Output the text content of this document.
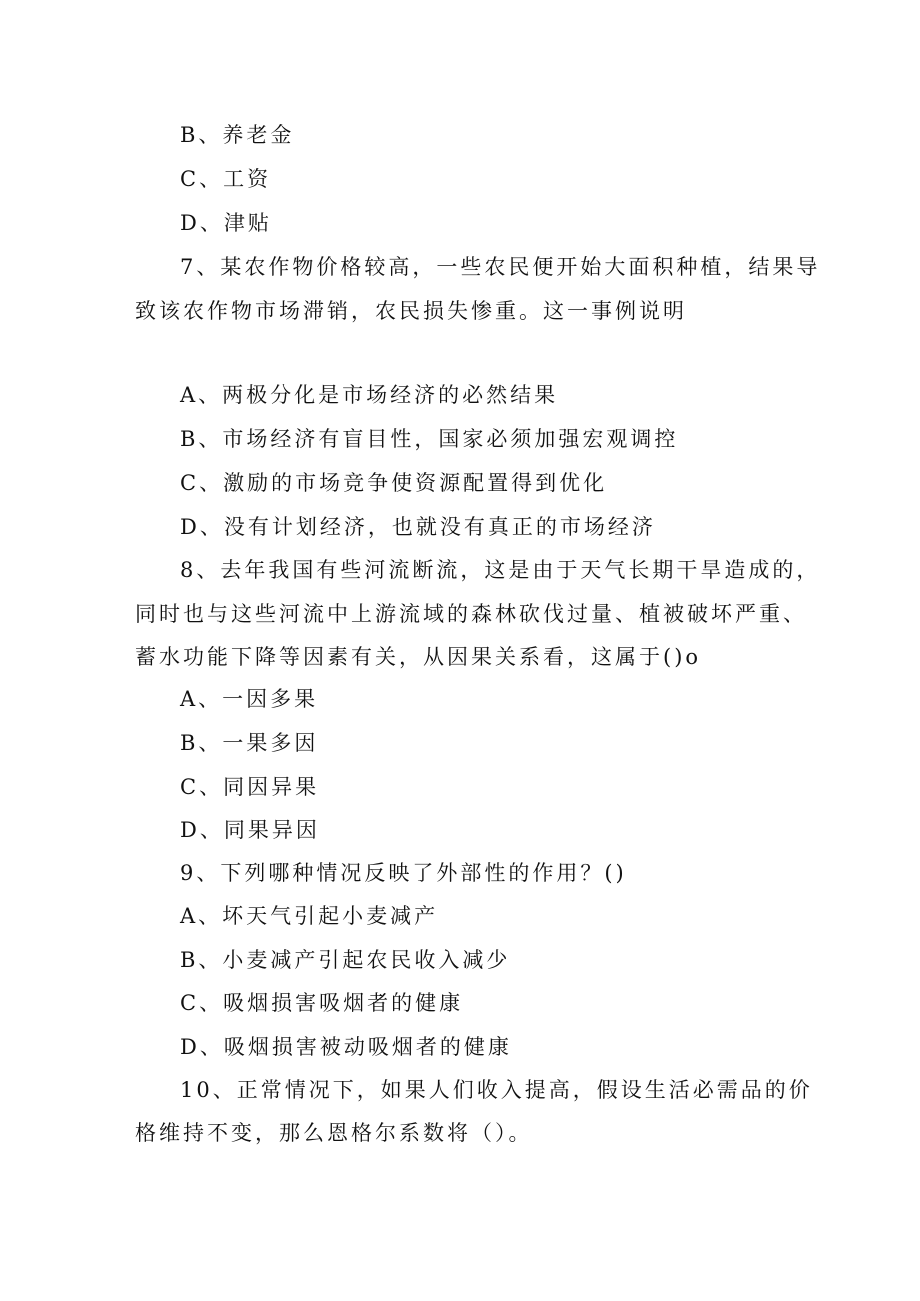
B、养老金
C、工资
D、津贴
7、某农作物价格较高，一些农民便开始大面积种植，结果导
致该农作物市场滞销，农民损失惨重。这一事例说明
A、两极分化是市场经济的必然结果
B、市场经济有盲目性，国家必须加强宏观调控
C、激励的市场竞争使资源配置得到优化
D、没有计划经济，也就没有真正的市场经济
8、去年我国有些河流断流，这是由于天气长期干旱造成的，
同时也与这些河流中上游流域的森林砍伐过量、植被破坏严重、
蓄水功能下降等因素有关，从因果关系看，这属于()o
A、一因多果
B、一果多因
C、同因异果
D、同果异因
9、下列哪种情况反映了外部性的作用？()
A、坏天气引起小麦减产
B、小麦减产引起农民收入减少
C、吸烟损害吸烟者的健康
D、吸烟损害被动吸烟者的健康
10、正常情况下，如果人们收入提高，假设生活必需品的价
格维持不变，那么恩格尔系数将（）。
